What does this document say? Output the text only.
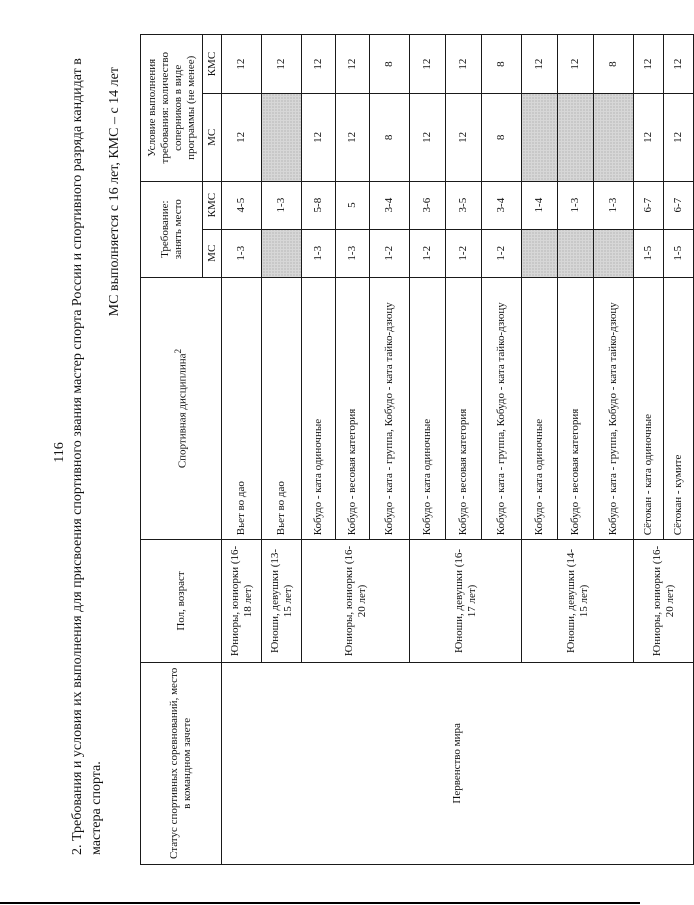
116 2. Требования и условия их выполнения для присвоения спортивного звания мастер спорта России и спортивного разряда кандидат в мастера спорта.
МС выполняется с 16 лет, КМС – с 14 лет
Статус спортивных соревнований, место в командном зачете	Пол, возраст	Спортивная дисциплина$^2$	Требование: занять место		Условие выполнения требования: количество соперников в виде программы (не менее)	
			МС	КМС	МС	КМС
Первенство мира	Юниоры, юниорки (16-18 лет)	Вьет во дао	1-3	4-5	12	12
	Юноши, девушки (13-15 лет)	Вьет во дао		1-3		12
	Юниоры, юниорки (16-20 лет)	Кобудо - ката одиночные	1-3	5-8	12	12
		Кобудо - весовая категория	1-3	5	12	12
		Кобудо - ката - группа, Кобудо - ката тайко-дзюцу	1-2	3-4	8	8
	Юноши, девушки (16-17 лет)	Кобудо - ката одиночные	1-2	3-6	12	12
		Кобудо - весовая категория	1-2	3-5	12	12
		Кобудо - ката - группа, Кобудо - ката тайко-дзюцу	1-2	3-4	8	8
	Юноши, девушки (14-15 лет)	Кобудо - ката одиночные		1-4		12
		Кобудо - весовая категория		1-3		12
		Кобудо - ката - группа, Кобудо - ката тайко-дзюцу		1-3		8
	Юниоры, юниорки (16-20 лет)	Сётокан - ката одиночные	1-5	6-7	12	12
		Сётокан - кумите	1-5	6-7	12	12
